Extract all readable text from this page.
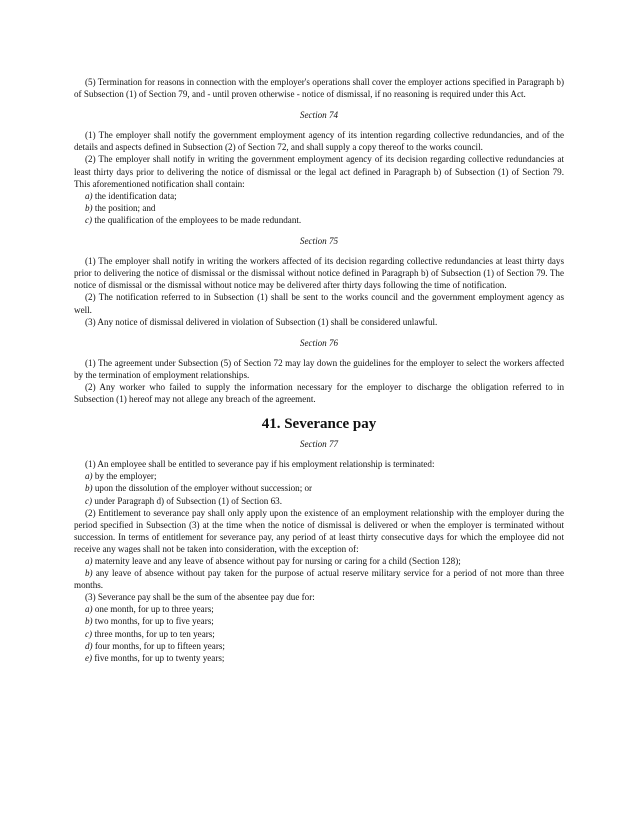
(5) Termination for reasons in connection with the employer's operations shall cover the employer actions specified in Paragraph b) of Subsection (1) of Section 79, and - until proven otherwise - notice of dismissal, if no reasoning is required under this Act.

Section 74

(1) The employer shall notify the government employment agency of its intention regarding collective redundancies, and of the details and aspects defined in Subsection (2) of Section 72, and shall supply a copy thereof to the works council.

(2) The employer shall notify in writing the government employment agency of its decision regarding collective redundancies at least thirty days prior to delivering the notice of dismissal or the legal act defined in Paragraph b) of Subsection (1) of Section 79. This aforementioned notification shall contain:

a) the identification data;

b) the position; and

c) the qualification of the employees to be made redundant.

Section 75

(1) The employer shall notify in writing the workers affected of its decision regarding collective redundancies at least thirty days prior to delivering the notice of dismissal or the dismissal without notice defined in Paragraph b) of Subsection (1) of Section 79. The notice of dismissal or the dismissal without notice may be delivered after thirty days following the time of notification.

(2) The notification referred to in Subsection (1) shall be sent to the works council and the government employment agency as well.

(3) Any notice of dismissal delivered in violation of Subsection (1) shall be considered unlawful.

Section 76

(1) The agreement under Subsection (5) of Section 72 may lay down the guidelines for the employer to select the workers affected by the termination of employment relationships.

(2) Any worker who failed to supply the information necessary for the employer to discharge the obligation referred to in Subsection (1) hereof may not allege any breach of the agreement.

41. Severance pay

Section 77

(1) An employee shall be entitled to severance pay if his employment relationship is terminated:

a) by the employer;

b) upon the dissolution of the employer without succession; or

c) under Paragraph d) of Subsection (1) of Section 63.

(2) Entitlement to severance pay shall only apply upon the existence of an employment relationship with the employer during the period specified in Subsection (3) at the time when the notice of dismissal is delivered or when the employer is terminated without succession. In terms of entitlement for severance pay, any period of at least thirty consecutive days for which the employee did not receive any wages shall not be taken into consideration, with the exception of:

a) maternity leave and any leave of absence without pay for nursing or caring for a child (Section 128);

b) any leave of absence without pay taken for the purpose of actual reserve military service for a period of not more than three months.

(3) Severance pay shall be the sum of the absentee pay due for:

a) one month, for up to three years;

b) two months, for up to five years;

c) three months, for up to ten years;

d) four months, for up to fifteen years;

e) five months, for up to twenty years;
